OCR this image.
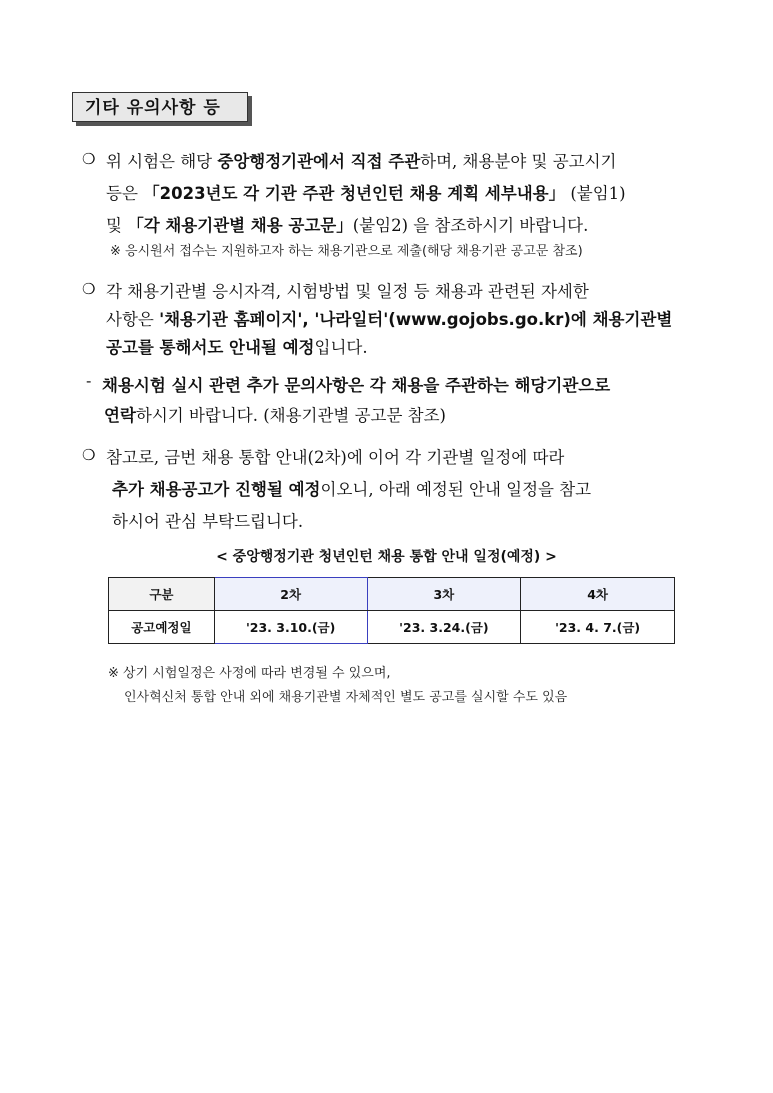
기타 유의사항 등
❍ 위 시험은 해당 중앙행정기관에서 직접 주관하며, 채용분야 및 공고시기
등은 「2023년도 각 기관 주관 청년인턴 채용 계획 세부내용」 (붙임1)
및 「각 채용기관별 채용 공고문」(붙임2) 을 참조하시기 바랍니다.
※ 응시원서 접수는 지원하고자 하는 채용기관으로 제출(해당 채용기관 공고문 참조)
❍ 각 채용기관별 응시자격, 시험방법 및 일정 등 채용과 관련된 자세한
사항은 '채용기관 홈페이지', '나라일터'(www.gojobs.go.kr)에 채용기관별
공고를 통해서도 안내될 예정입니다.
- 채용시험 실시 관련 추가 문의사항은 각 채용을 주관하는 해당기관으로
연락하시기 바랍니다. (채용기관별 공고문 참조)
❍ 참고로, 금번 채용 통합 안내(2차)에 이어 각 기관별 일정에 따라
추가 채용공고가 진행될 예정이오니, 아래 예정된 안내 일정을 참고
하시어 관심 부탁드립니다.
< 중앙행정기관 청년인턴 채용 통합 안내 일정(예정) >
구분	2차	3차	4차
공고예정일	'23. 3.10.(금)	'23. 3.24.(금)	'23. 4. 7.(금)
※ 상기 시험일정은 사정에 따라 변경될 수 있으며,
인사혁신처 통합 안내 외에 채용기관별 자체적인 별도 공고를 실시할 수도 있음
